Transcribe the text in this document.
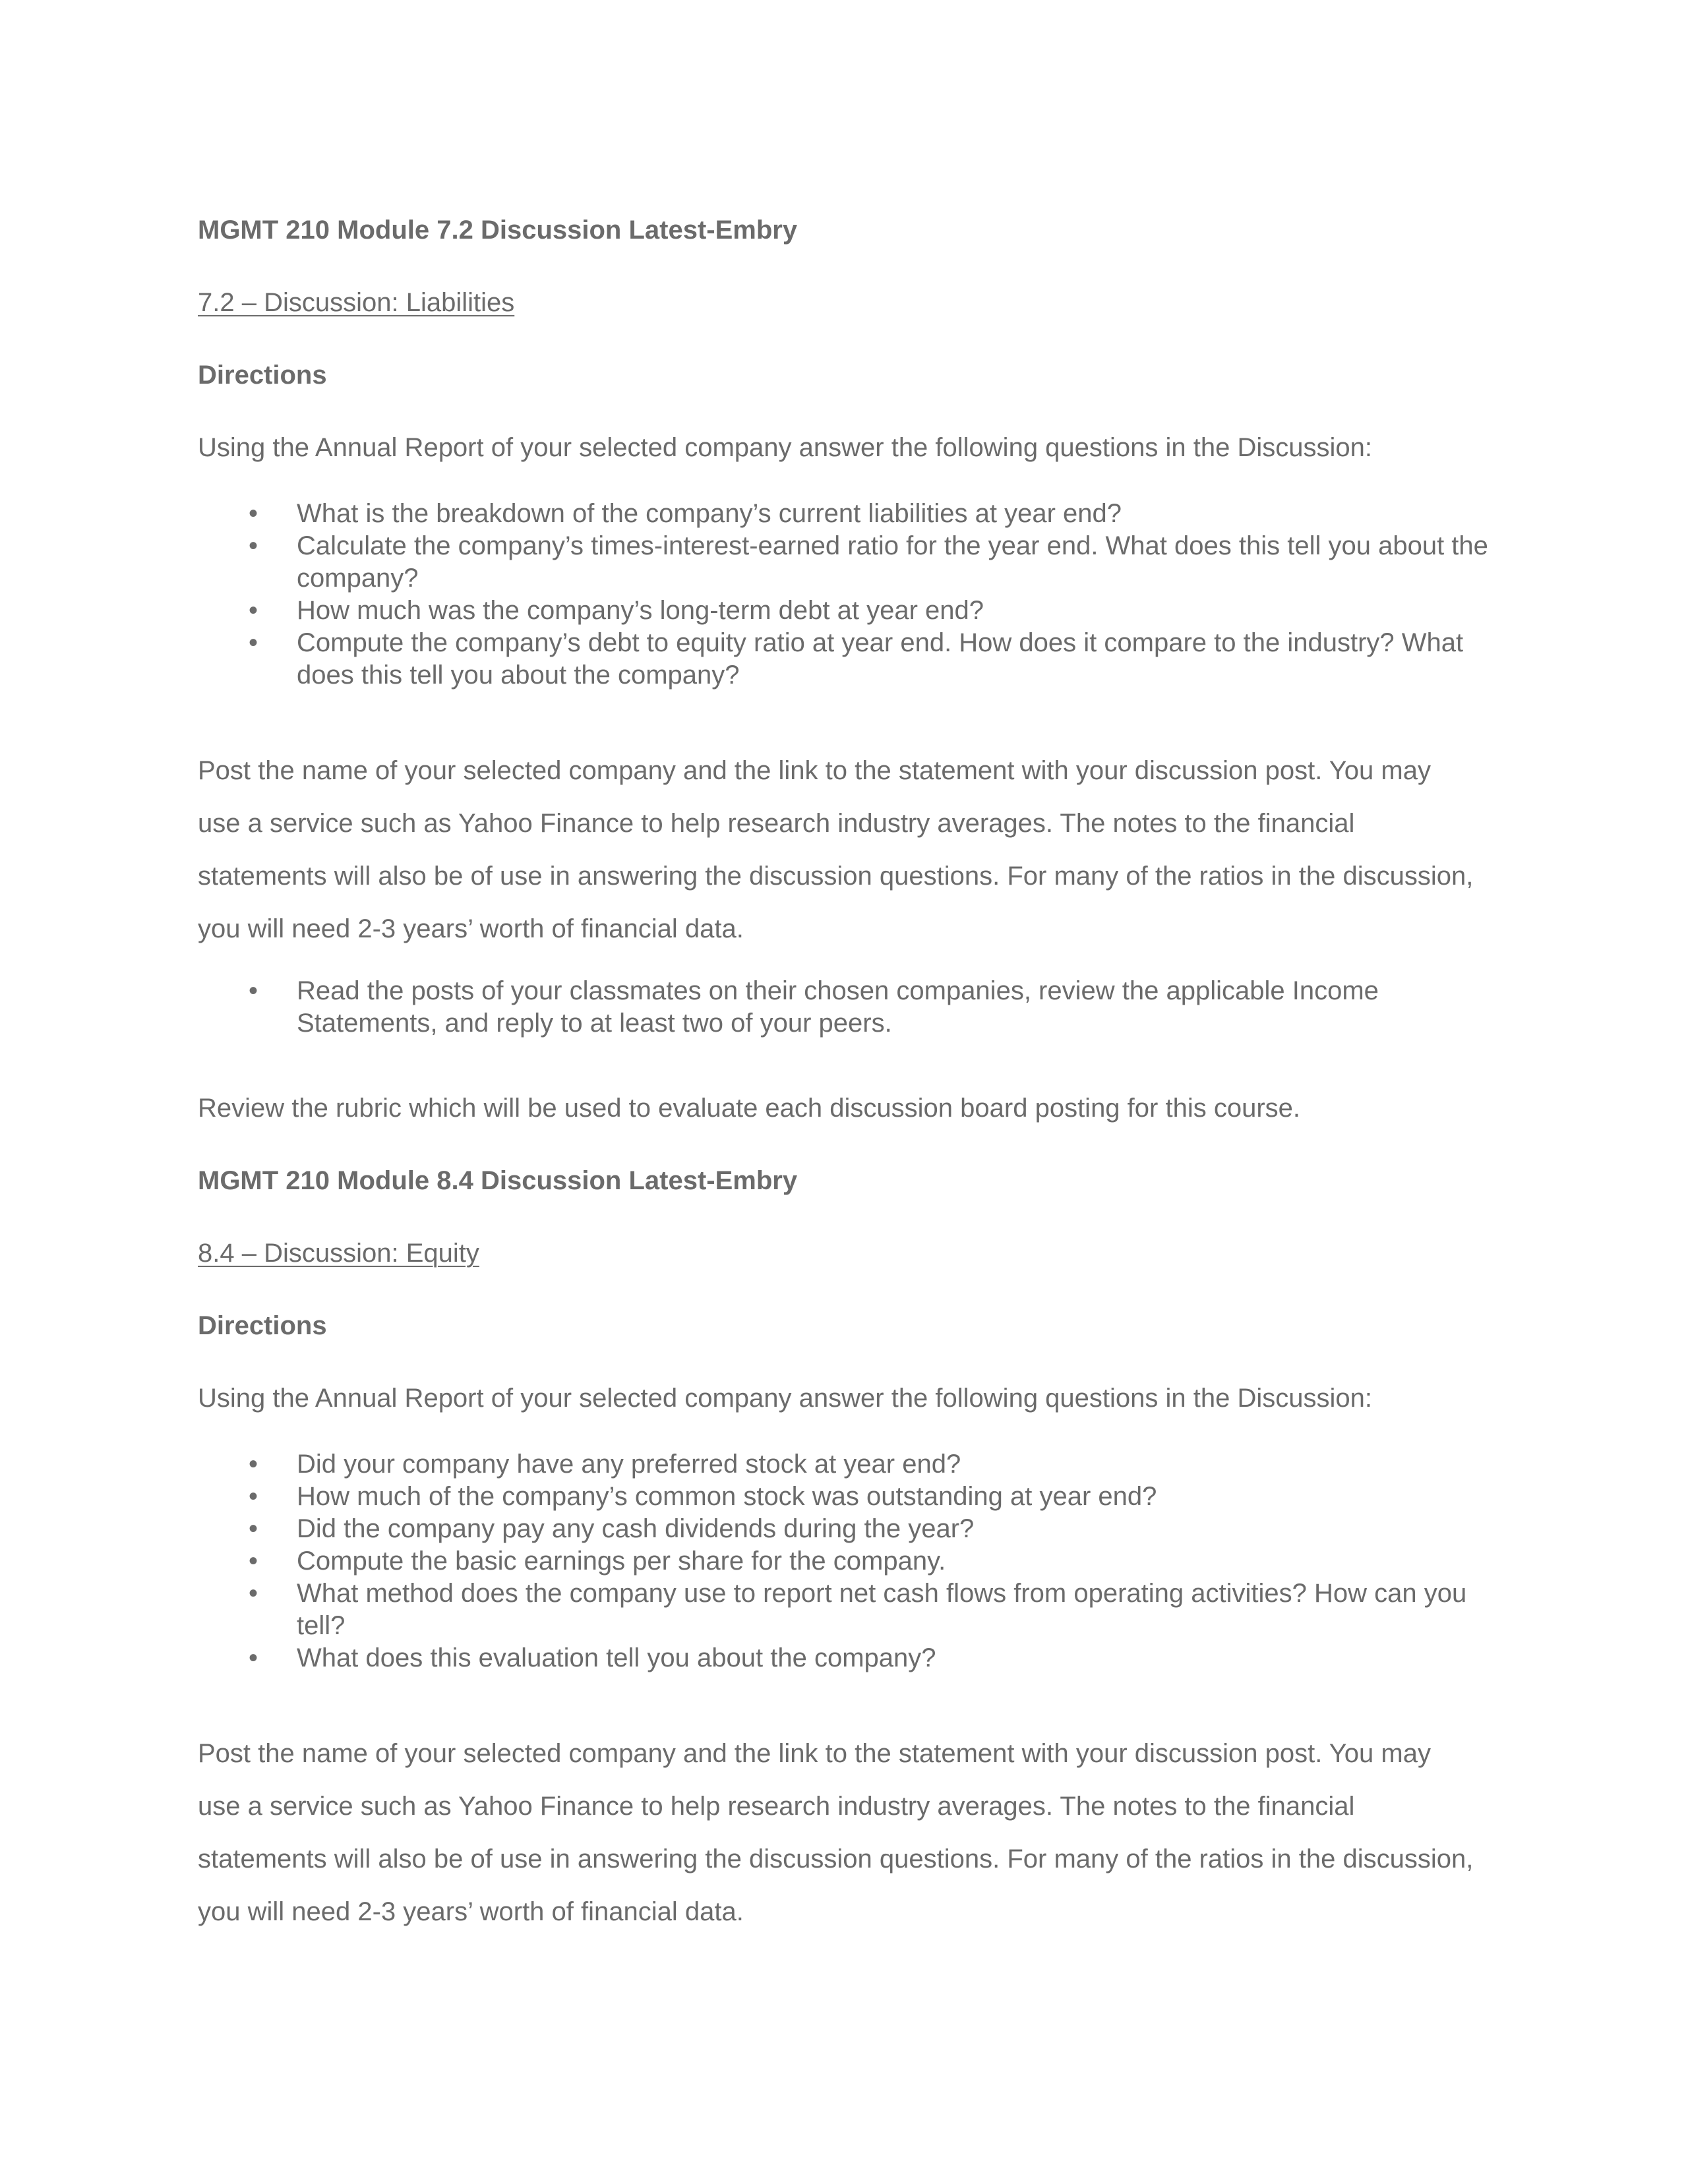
MGMT 210 Module 7.2 Discussion Latest-Embry
7.2 – Discussion: Liabilities
Directions
Using the Annual Report of your selected company answer the following questions in the Discussion:
• What is the breakdown of the company’s current liabilities at year end?
• Calculate the company’s times-interest-earned ratio for the year end. What does this tell you about the company?
• How much was the company’s long-term debt at year end?
• Compute the company’s debt to equity ratio at year end. How does it compare to the industry? What does this tell you about the company?
Post the name of your selected company and the link to the statement with your discussion post. You may use a service such as Yahoo Finance to help research industry averages. The notes to the financial statements will also be of use in answering the discussion questions. For many of the ratios in the discussion, you will need 2-3 years’ worth of financial data.
• Read the posts of your classmates on their chosen companies, review the applicable Income Statements, and reply to at least two of your peers.
Review the rubric which will be used to evaluate each discussion board posting for this course.
MGMT 210 Module 8.4 Discussion Latest-Embry
8.4 – Discussion: Equity
Directions
Using the Annual Report of your selected company answer the following questions in the Discussion:
• Did your company have any preferred stock at year end?
• How much of the company’s common stock was outstanding at year end?
• Did the company pay any cash dividends during the year?
• Compute the basic earnings per share for the company.
• What method does the company use to report net cash flows from operating activities? How can you tell?
• What does this evaluation tell you about the company?
Post the name of your selected company and the link to the statement with your discussion post. You may use a service such as Yahoo Finance to help research industry averages. The notes to the financial statements will also be of use in answering the discussion questions. For many of the ratios in the discussion, you will need 2-3 years’ worth of financial data.
